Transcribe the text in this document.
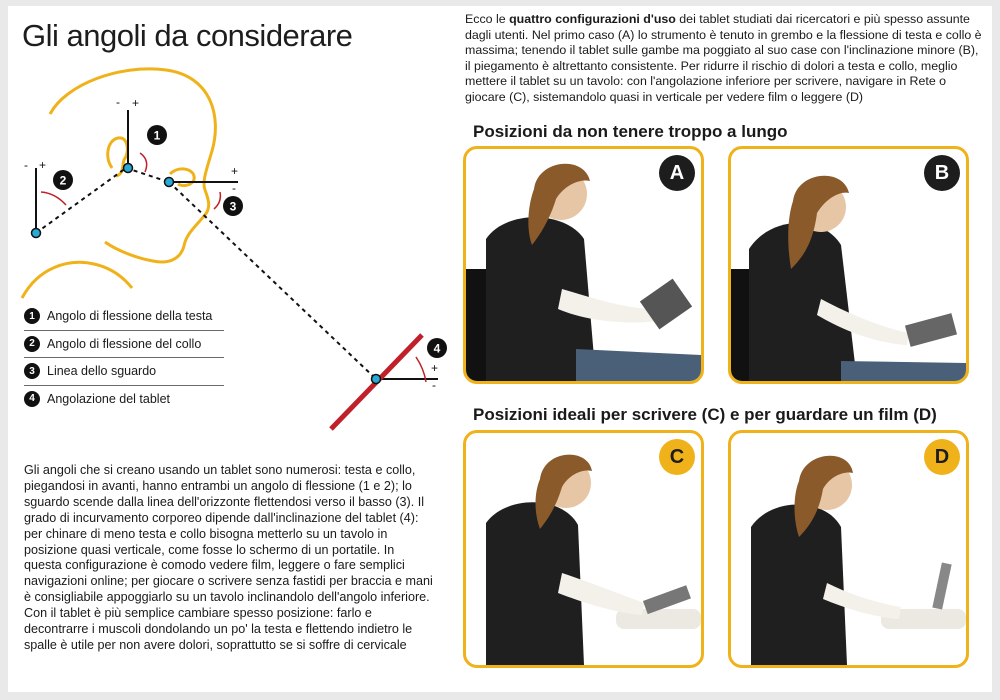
Gli angoli da considerare
1
2
3
4
- +
- +	+
-
+
-
1 Angolo di flessione della testa
2 Angolo di flessione del collo
3 Linea dello sguardo
4 Angolazione del tablet

Gli angoli che si creano usando un tablet sono numerosi: testa e collo, piegandosi in avanti, hanno entrambi un angolo di flessione (1 e 2); lo sguardo scende dalla linea dell'orizzonte flettendosi verso il basso (3). Il grado di incurvamento corporeo dipende dall'inclinazione del tablet (4): per chinare di meno testa e collo bisogna metterlo su un tavolo in posizione quasi verticale, come fosse lo schermo di un portatile. In questa configurazione è comodo vedere film, leggere o fare semplici navigazioni online; per giocare o scrivere senza fastidi per braccia e mani è consigliabile appoggiarlo su un tavolo inclinandolo dell'angolo inferiore. Con il tablet è più semplice cambiare spesso posizione: farlo e decontrarre i muscoli dondolando un po' la testa e flettendo indietro le spalle è utile per non avere dolori, soprattutto se si soffre di cervicale

Ecco le quattro configurazioni d'uso dei tablet studiati dai ricercatori e più spesso assunte dagli utenti. Nel primo caso (A) lo strumento è tenuto in grembo e la flessione di testa e collo è massima; tenendo il tablet sulle gambe ma poggiato al suo case con l'inclinazione minore (B), il piegamento è altrettanto consistente. Per ridurre il rischio di dolori a testa e collo, meglio mettere il tablet su un tavolo: con l'angolazione inferiore per scrivere, navigare in Rete o giocare (C), sistemandolo quasi in verticale per vedere film o leggere (D)

Posizioni da non tenere troppo a lungo
Posizioni ideali per scrivere (C) e per guardare un film (D)
A	B
C	D
